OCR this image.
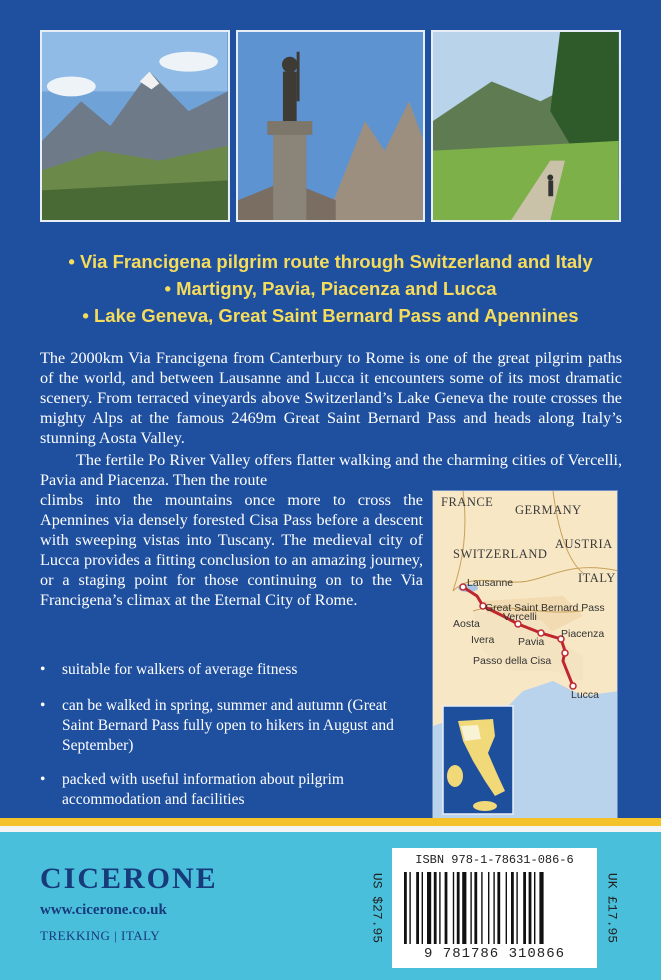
• Via Francigena pilgrim route through Switzerland and Italy

• Martigny, Pavia, Piacenza and Lucca

• Lake Geneva, Great Saint Bernard Pass and Apennines

The 2000km Via Francigena from Canterbury to Rome is one of the great pilgrim paths of the world, and between Lausanne and Lucca it encounters some of its most dramatic scenery. From terraced vineyards above Switzerland’s Lake Geneva the route crosses the mighty Alps at the famous 2469m Great Saint Bernard Pass and heads along Italy’s stunning Aosta Valley.

The fertile Po River Valley offers flatter walking and the charming cities of Vercelli, Pavia and Piacenza. Then the route

climbs into the mountains once more to cross the Apennines via densely forested Cisa Pass before a descent with sweeping vistas into Tuscany. The medieval city of Lucca provides a fitting conclusion to an amazing journey, or a staging point for those continuing on to the Via Francigena’s climax at the Eternal City of Rome.

FRANCE
GERMANY
SWITZERLAND
AUSTRIA
ITALY
Lausanne
Great Saint Bernard Pass
Aosta
Vercelli
Ivera Pavia
Piacenza
Passo della Cisa
Lucca
•	suitable for walkers of average fitness
•	can be walked in spring, summer and autumn (Great Saint Bernard Pass fully open to hikers in August and September)
•	packed with useful information about pilgrim accommodation and facilities
CICERONE
www.cicerone.co.uk
TREKKING | ITALY	US $27.95	UK £17.95
ISBN 978-1-78631-086-6
9 781786 310866
